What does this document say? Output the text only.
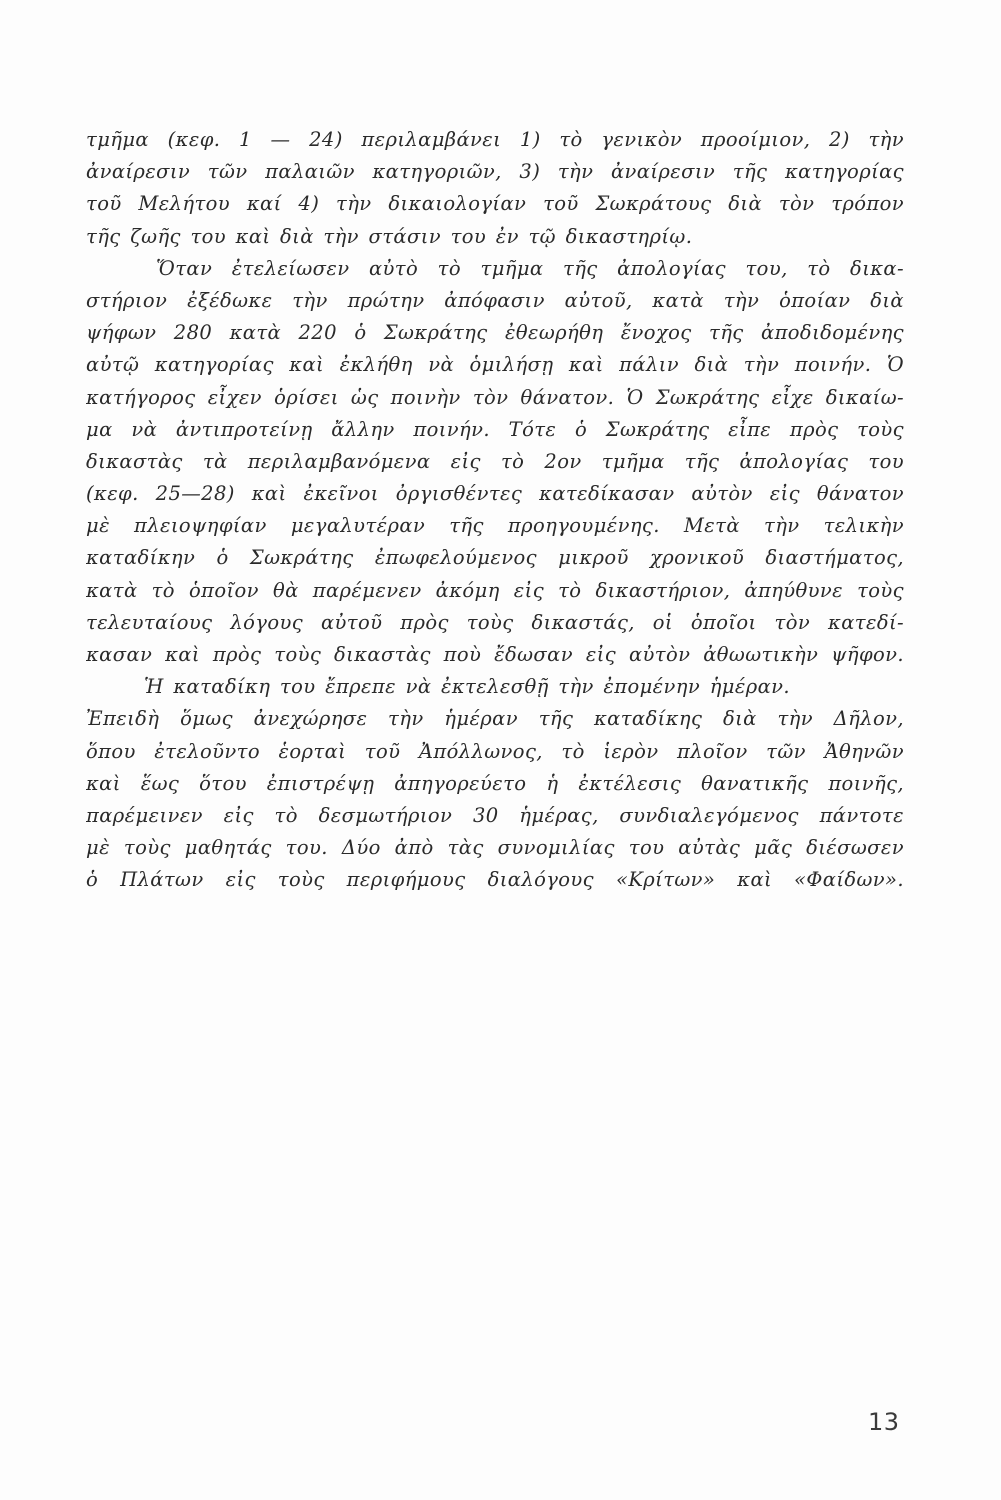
τμῆμα (κεφ. 1 — 24) περιλαμβάνει 1) τὸ γενικὸν προοίμιον, 2) τὴν
ἀναίρεσιν τῶν παλαιῶν κατηγοριῶν, 3) τὴν ἀναίρεσιν τῆς κατηγορίας
τοῦ Μελήτου καί 4) τὴν δικαιολογίαν τοῦ Σωκράτους διὰ τὸν τρόπον
τῆς ζωῆς του καὶ διὰ τὴν στάσιν του ἐν τῷ δικαστηρίῳ.
Ὅταν ἐτελείωσεν αὐτὸ τὸ τμῆμα τῆς ἀπολογίας του, τὸ δικα-
στήριον ἐξέδωκε τὴν πρώτην ἀπόφασιν αὐτοῦ, κατὰ τὴν ὁποίαν διὰ
ψήφων 280 κατὰ 220 ὁ Σωκράτης ἐθεωρήθη ἔνοχος τῆς ἀποδιδομένης
αὐτῷ κατηγορίας καὶ ἐκλήθη νὰ ὁμιλήσῃ καὶ πάλιν διὰ τὴν ποινήν. Ὁ
κατήγορος εἶχεν ὁρίσει ὡς ποινὴν τὸν θάνατον. Ὁ Σωκράτης εἶχε δικαίω-
μα νὰ ἀντιπροτείνῃ ἄλλην ποινήν. Τότε ὁ Σωκράτης εἶπε πρὸς τοὺς
δικαστὰς τὰ περιλαμβανόμενα εἰς τὸ 2ον τμῆμα τῆς ἀπολογίας του
(κεφ. 25—28) καὶ ἐκεῖνοι ὀργισθέντες κατεδίκασαν αὐτὸν εἰς θάνατον
μὲ πλειοψηφίαν μεγαλυτέραν τῆς προηγουμένης. Μετὰ τὴν τελικὴν
καταδίκην ὁ Σωκράτης ἐπωφελούμενος μικροῦ χρονικοῦ διαστήματος,
κατὰ τὸ ὁποῖον θὰ παρέμενεν ἀκόμη εἰς τὸ δικαστήριον, ἀπηύθυνε τοὺς
τελευταίους λόγους αὐτοῦ πρὸς τοὺς δικαστάς, οἱ ὁποῖοι τὸν κατεδί-
κασαν καὶ πρὸς τοὺς δικαστὰς ποὺ ἔδωσαν εἰς αὐτὸν ἀθωωτικὴν ψῆφον.
Ἡ καταδίκη του ἔπρεπε νὰ ἐκτελεσθῇ τὴν ἐπομένην ἡμέραν.
Ἐπειδὴ ὅμως ἀνεχώρησε τὴν ἡμέραν τῆς καταδίκης διὰ τὴν Δῆλον,
ὅπου ἐτελοῦντο ἑορταὶ τοῦ Ἀπόλλωνος, τὸ ἱερὸν πλοῖον τῶν Ἀθηνῶν
καὶ ἕως ὅτου ἐπιστρέψῃ ἀπηγορεύετο ἡ ἐκτέλεσις θανατικῆς ποινῆς,
παρέμεινεν εἰς τὸ δεσμωτήριον 30 ἡμέρας, συνδιαλεγόμενος πάντοτε
μὲ τοὺς μαθητάς του. Δύο ἀπὸ τὰς συνομιλίας του αὐτὰς μᾶς διέσωσεν
ὁ Πλάτων εἰς τοὺς περιφήμους διαλόγους «Κρίτων» καὶ «Φαίδων».
13
